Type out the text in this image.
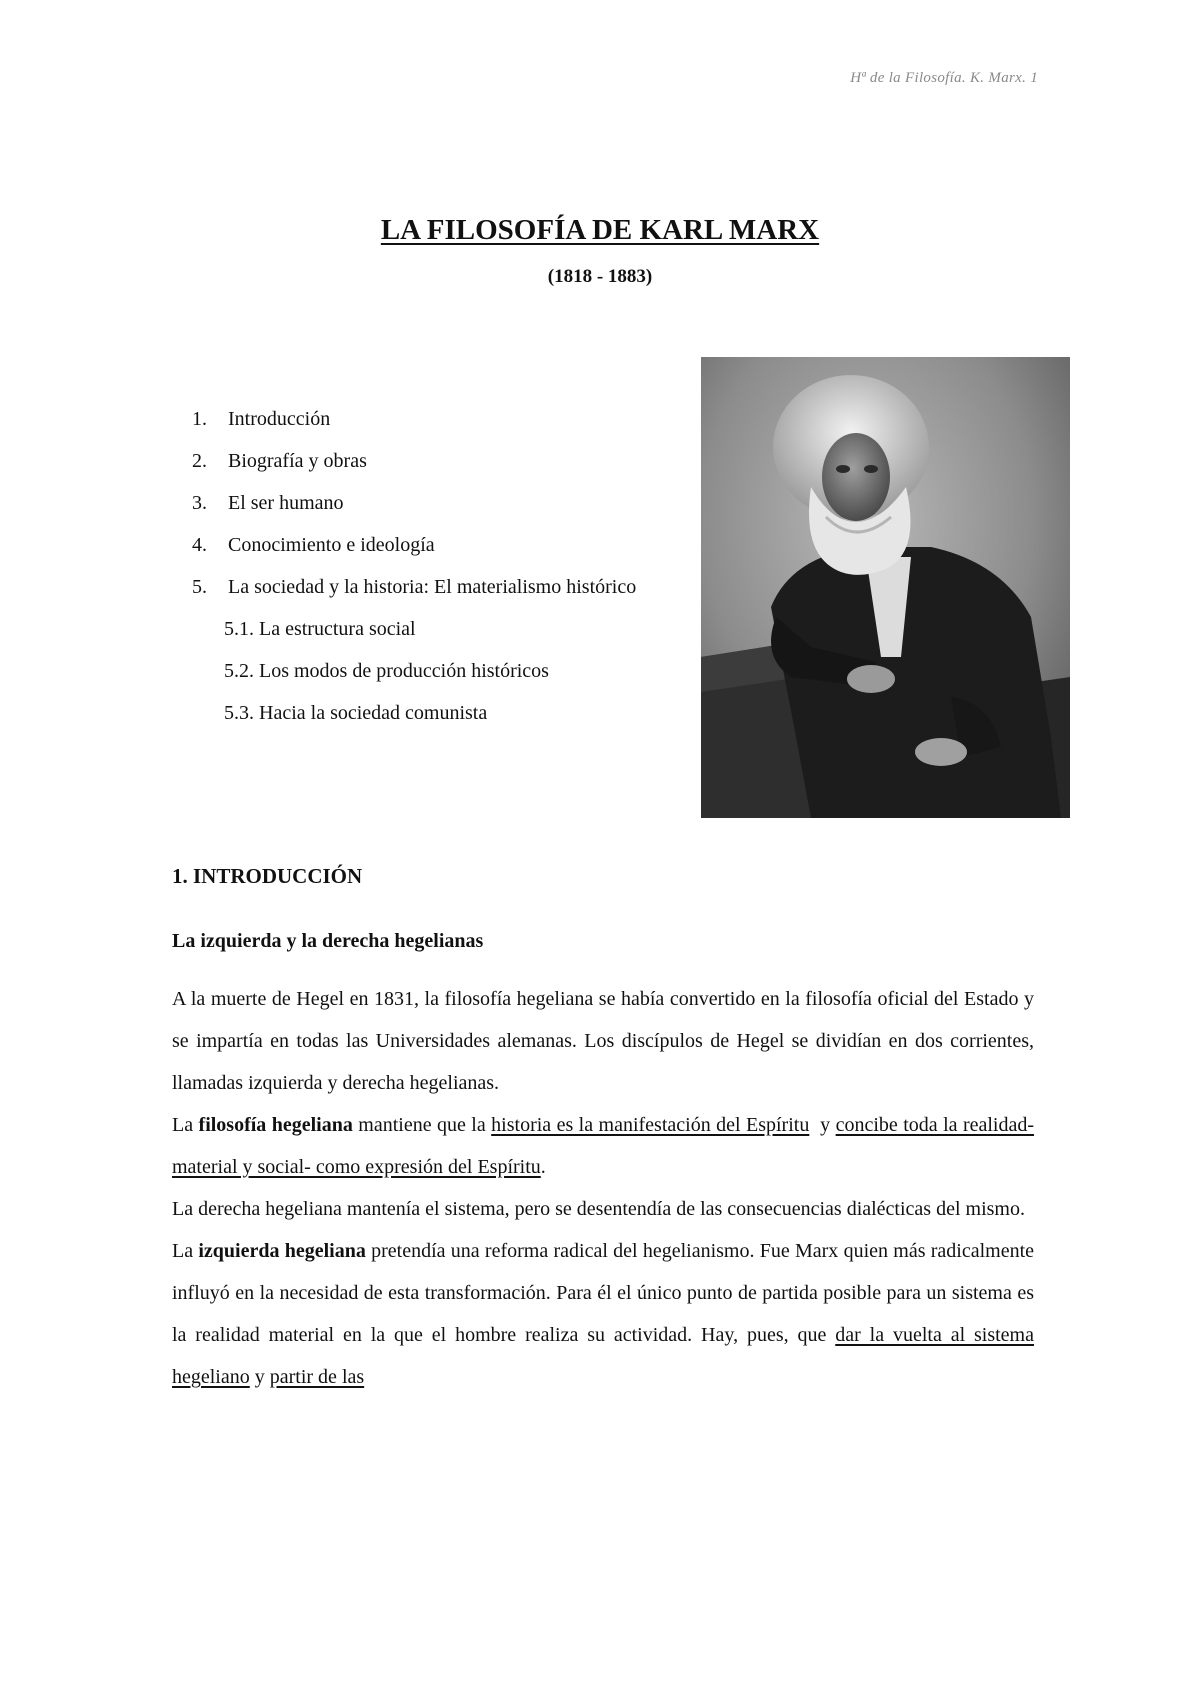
Hª de la Filosofía. K. Marx. 1
LA FILOSOFÍA DE KARL MARX
(1818 - 1883)
1.	Introducción
2.	Biografía y obras
3.	El ser humano
4.	Conocimiento e ideología
5.	La sociedad y la historia: El materialismo histórico
5.1. La estructura social
5.2. Los modos de producción históricos
5.3. Hacia la sociedad comunista
1. INTRODUCCIÓN
La izquierda y la derecha hegelianas

A la muerte de Hegel en 1831, la filosofía hegeliana se había convertido en la filosofía oficial del Estado y se impartía en todas las Universidades alemanas. Los discípulos de Hegel se dividían en dos corrientes, llamadas izquierda y derecha hegelianas.

La filosofía hegeliana mantiene que la historia es la manifestación del Espíritu  y concibe toda la realidad- material y social- como expresión del Espíritu.

La derecha hegeliana mantenía el sistema, pero se desentendía de las consecuencias dialécticas del mismo.

La izquierda hegeliana pretendía una reforma radical del hegelianismo. Fue Marx quien más radicalmente influyó en la necesidad de esta transformación. Para él el único punto de partida posible para un sistema es la realidad material en la que el hombre realiza su actividad. Hay, pues, que dar la vuelta al sistema hegeliano y partir de las
